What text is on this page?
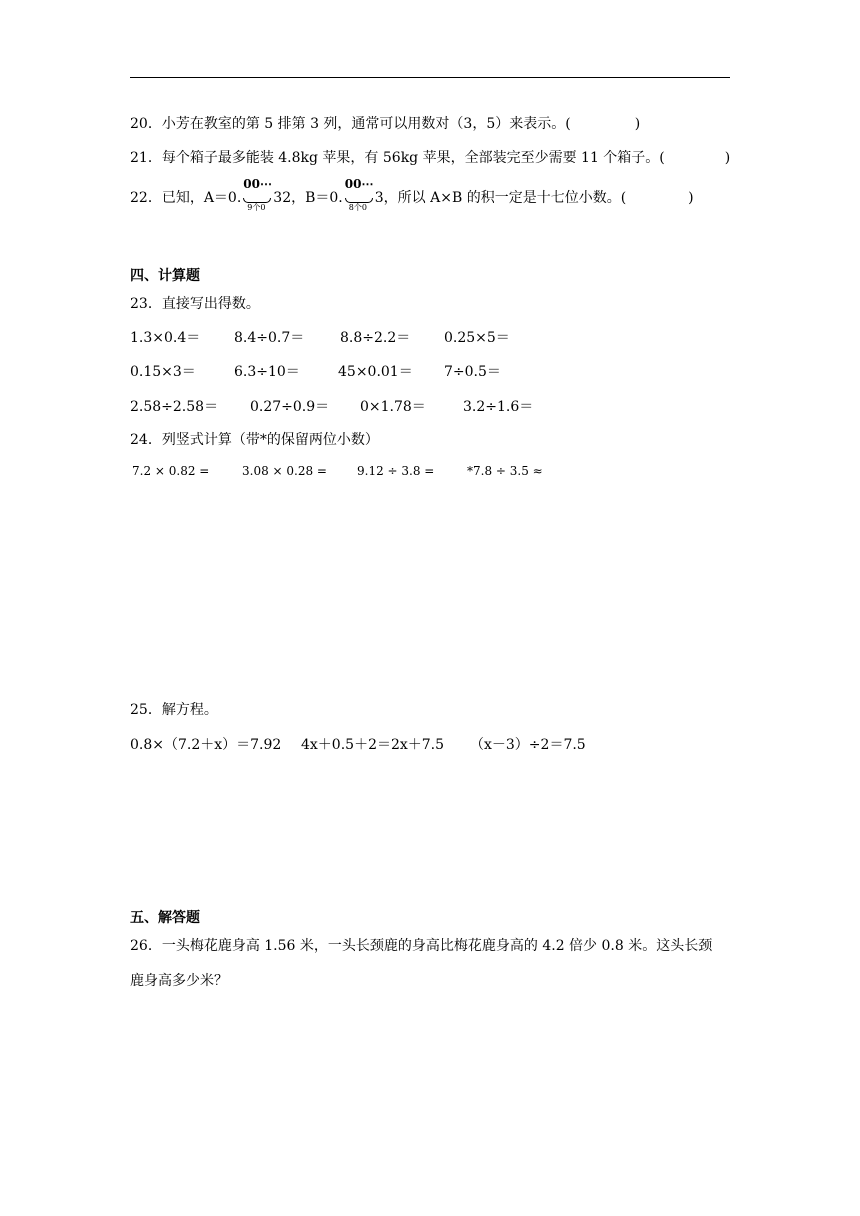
20．小芳在教室的第 5 排第 3 列，通常可以用数对（3，5）来表示。(	)
21．每个箱子最多能装 4.8kg 苹果，有 56kg 苹果，全部装完至少需要 11 个箱子。(	)
22．已知，A＝0.
00⋯
9个0
32，B＝0.
00⋯
8个0
3，所以 A×B 的积一定是十七位小数。(	)
四、计算题
23．直接写出得数。
1.3×0.4＝ 8.4÷0.7＝	8.8÷2.2＝ 0.25×5＝
0.15×3＝	6.3÷10＝	45×0.01＝ 7÷0.5＝
2.58÷2.58＝ 0.27÷0.9＝ 0×1.78＝	3.2÷1.6＝
24．列竖式计算（带*的保留两位小数）
7.2 × 0.82 =	3.08 × 0.28 =	9.12 ÷ 3.8 =	*7.8 ÷ 3.5 ≈
25．解方程。
0.8×（7.2＋x）＝7.92 4x＋0.5＋2＝2x＋7.5 （x－3）÷2＝7.5
五、解答题
26．一头梅花鹿身高 1.56 米，一头长颈鹿的身高比梅花鹿身高的 4.2 倍少 0.8 米。这头长颈
鹿身高多少米？
